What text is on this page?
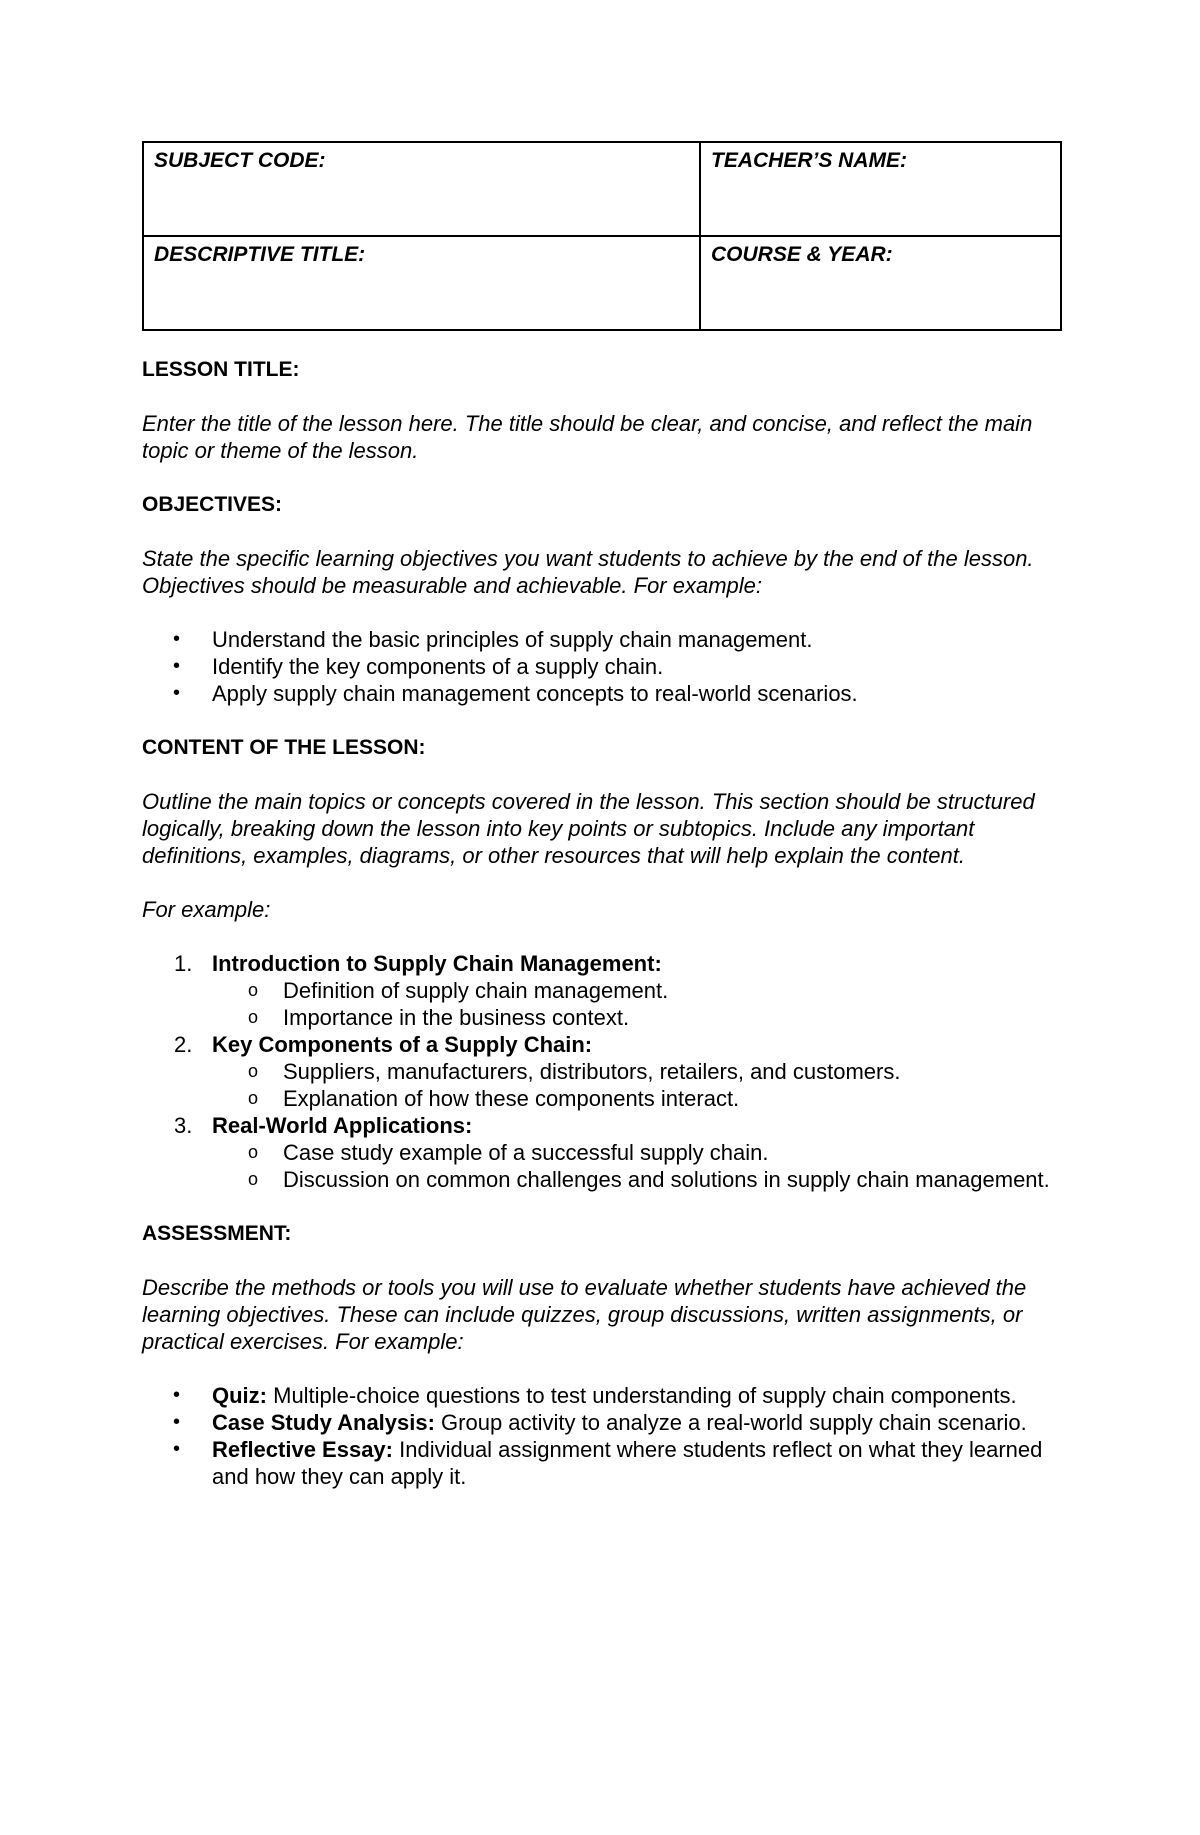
SUBJECT CODE:	TEACHER’S NAME:
DESCRIPTIVE TITLE:	COURSE & YEAR:

LESSON TITLE:

Enter the title of the lesson here. The title should be clear, and concise, and reflect the main topic or theme of the lesson.

OBJECTIVES:

State the specific learning objectives you want students to achieve by the end of the lesson. Objectives should be measurable and achievable. For example:

• Understand the basic principles of supply chain management.
• Identify the key components of a supply chain.
• Apply supply chain management concepts to real-world scenarios.

CONTENT OF THE LESSON:

Outline the main topics or concepts covered in the lesson. This section should be structured logically, breaking down the lesson into key points or subtopics. Include any important definitions, examples, diagrams, or other resources that will help explain the content.

For example:

1. Introduction to Supply Chain Management:
o Definition of supply chain management.
o Importance in the business context.
2. Key Components of a Supply Chain:
o Suppliers, manufacturers, distributors, retailers, and customers.
o Explanation of how these components interact.
3. Real-World Applications:
o Case study example of a successful supply chain.
o Discussion on common challenges and solutions in supply chain management.

ASSESSMENT:

Describe the methods or tools you will use to evaluate whether students have achieved the learning objectives. These can include quizzes, group discussions, written assignments, or practical exercises. For example:

• Quiz: Multiple-choice questions to test understanding of supply chain components.
• Case Study Analysis: Group activity to analyze a real-world supply chain scenario.
• Reflective Essay: Individual assignment where students reflect on what they learned and how they can apply it.
